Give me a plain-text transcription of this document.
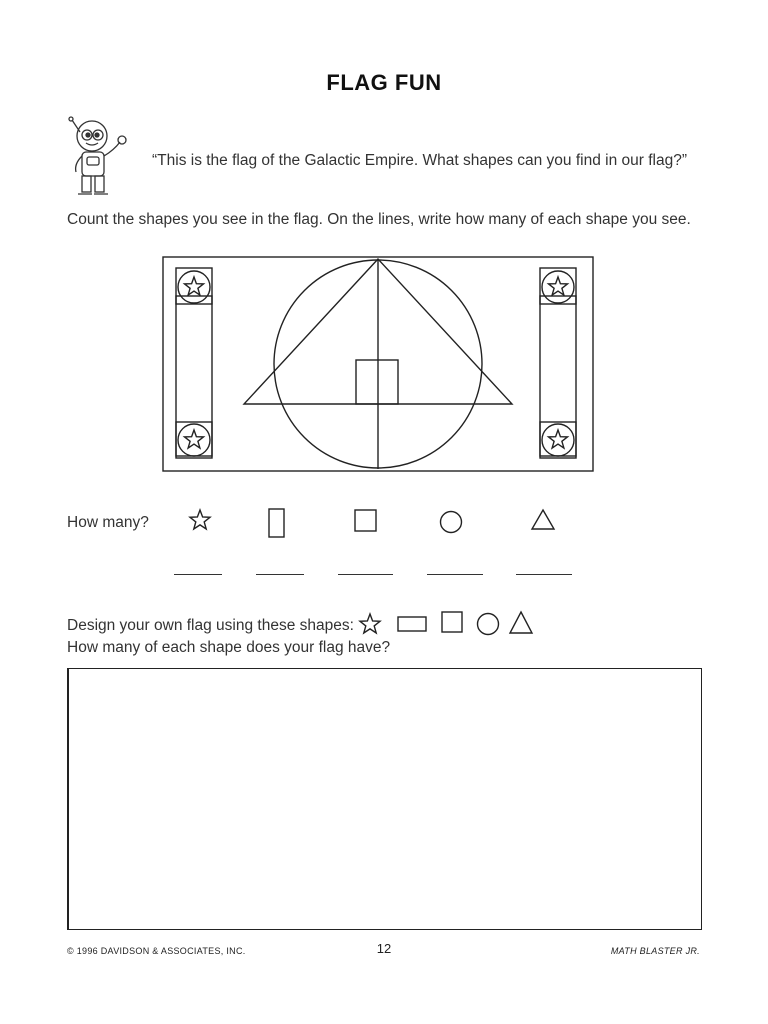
FLAG FUN
“This is the flag of the Galactic Empire. What shapes can you find in our flag?”
Count the shapes you see in the flag. On the lines, write how many of each shape you see.
How many?
Design your own flag using these shapes:
How many of each shape does your flag have?
© 1996 DAVIDSON & ASSOCIATES, INC.	12	MATH BLASTER JR.
